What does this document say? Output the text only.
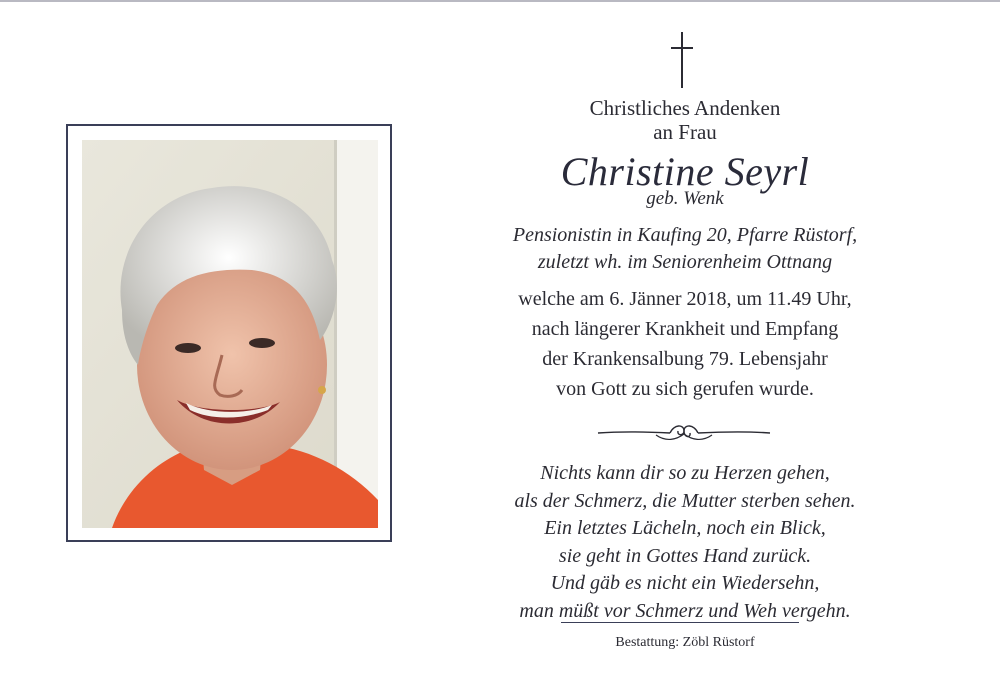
Christliches Andenken
an Frau
Christine Seyrl
geb. Wenk
Pensionistin in Kaufing 20, Pfarre Rüstorf,
zuletzt wh. im Seniorenheim Ottnang
welche am 6. Jänner 2018, um 11.49 Uhr,
nach längerer Krankheit und Empfang
der Krankensalbung 79. Lebensjahr
von Gott zu sich gerufen wurde.
Nichts kann dir so zu Herzen gehen,
als der Schmerz, die Mutter sterben sehen.
Ein letztes Lächeln, noch ein Blick,
sie geht in Gottes Hand zurück.
Und gäb es nicht ein Wiedersehn,
man müßt vor Schmerz und Weh vergehn.
Bestattung: Zöbl Rüstorf
